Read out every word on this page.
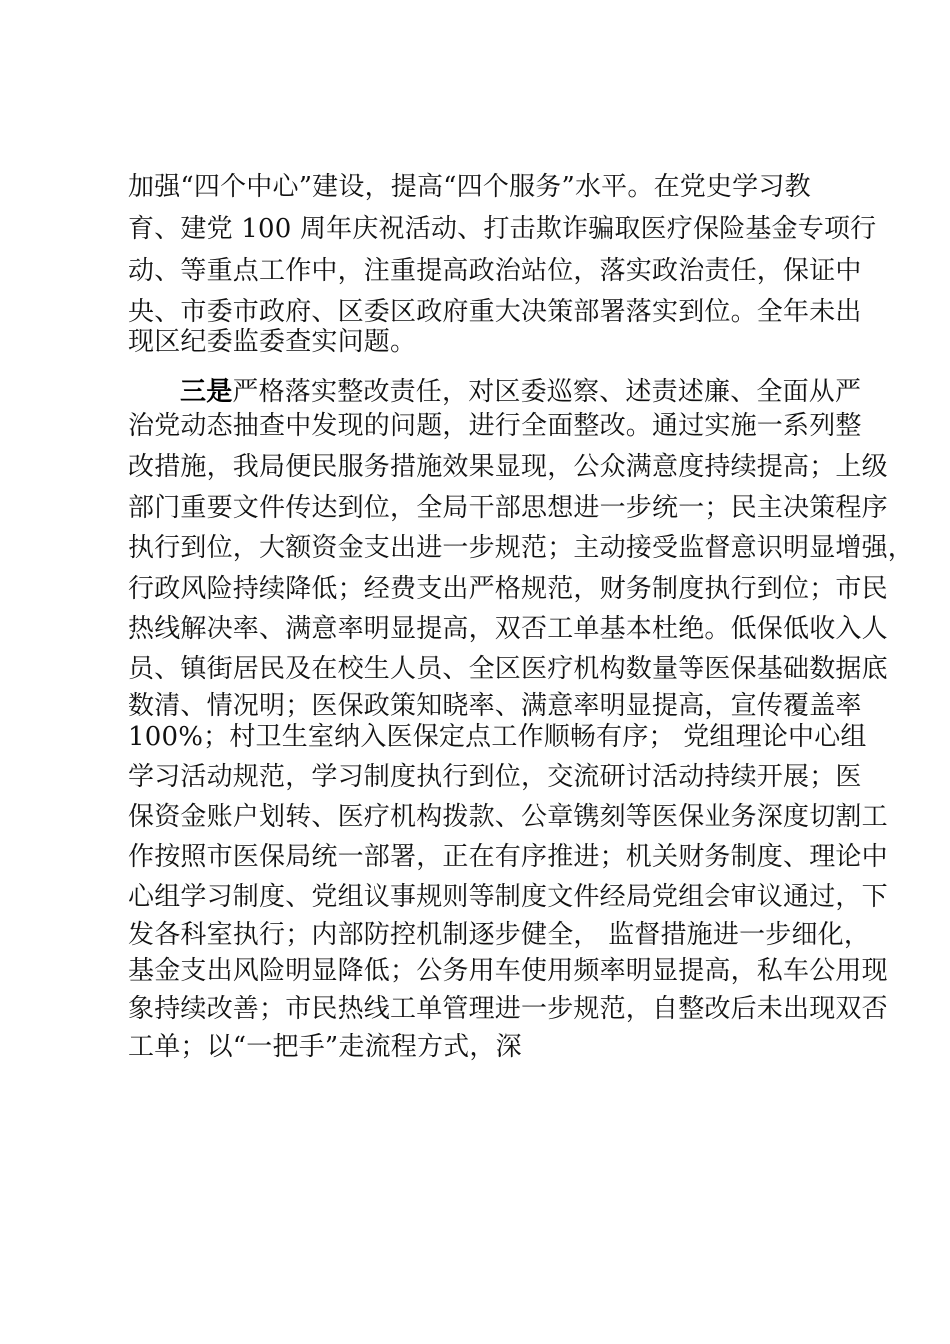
加强“四个中心”建设，提高“四个服务”水平。在党史学习教
育、建党 100 周年庆祝活动、打击欺诈骗取医疗保险基金专项行
动、等重点工作中，注重提高政治站位，落实政治责任，保证中
央、市委市政府、区委区政府重大决策部署落实到位。全年未出
现区纪委监委查实问题。
三是严格落实整改责任，对区委巡察、述责述廉、全面从严
治党动态抽查中发现的问题，进行全面整改。通过实施一系列整
改措施，我局便民服务措施效果显现，公众满意度持续提高；上级
部门重要文件传达到位，全局干部思想进一步统一；民主决策程序
执行到位，大额资金支出进一步规范；主动接受监督意识明显增强，
行政风险持续降低；经费支出严格规范，财务制度执行到位；市民
热线解决率、满意率明显提高，双否工单基本杜绝。低保低收入人
员、镇街居民及在校生人员、全区医疗机构数量等医保基础数据底
数清、情况明；医保政策知晓率、满意率明显提高，宣传覆盖率
100%；村卫生室纳入医保定点工作顺畅有序； 党组理论中心组
学习活动规范，学习制度执行到位，交流研讨活动持续开展；医
保资金账户划转、医疗机构拨款、公章镌刻等医保业务深度切割工
作按照市医保局统一部署，正在有序推进；机关财务制度、理论中
心组学习制度、党组议事规则等制度文件经局党组会审议通过，下
发各科室执行；内部防控机制逐步健全， 监督措施进一步细化，
基金支出风险明显降低；公务用车使用频率明显提高，私车公用现
象持续改善；市民热线工单管理进一步规范，自整改后未出现双否
工单；以“一把手”走流程方式，深
